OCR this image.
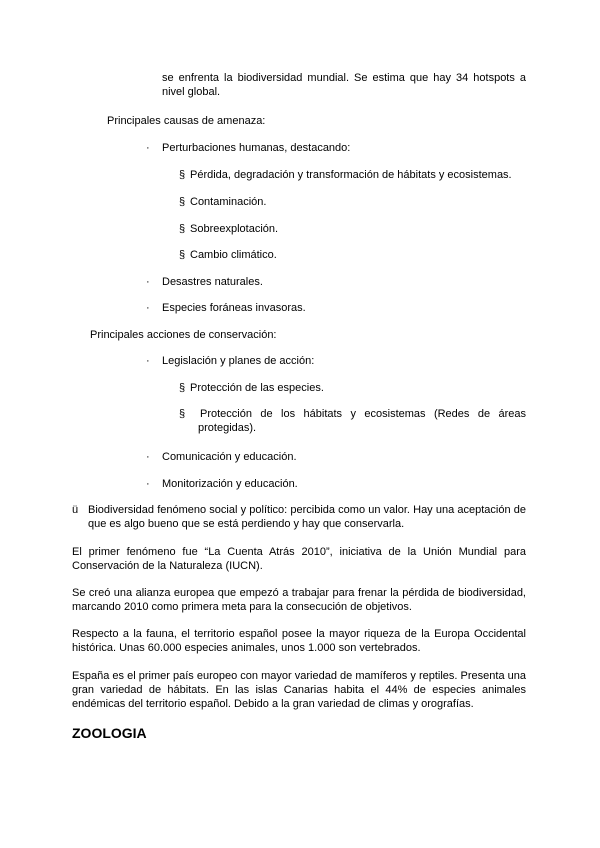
se enfrenta la biodiversidad mundial. Se estima que hay 34 hotspots a nivel global.
Principales causas de amenaza:
· Perturbaciones humanas, destacando:
§ Pérdida, degradación y transformación de hábitats y ecosistemas.
§ Contaminación.
§ Sobreexplotación.
§ Cambio climático.
· Desastres naturales.
· Especies foráneas invasoras.
Principales acciones de conservación:
· Legislación y planes de acción:
§ Protección de las especies.
§ Protección de los hábitats y ecosistemas (Redes de áreas protegidas).
· Comunicación y educación.
· Monitorización y educación.
ü Biodiversidad fenómeno social y político: percibida como un valor. Hay una aceptación de que es algo bueno que se está perdiendo y hay que conservarla.
El primer fenómeno fue “La Cuenta Atrás 2010”, iniciativa de la Unión Mundial para Conservación de la Naturaleza (IUCN).
Se creó una alianza europea que empezó a trabajar para frenar la pérdida de biodiversidad, marcando 2010 como primera meta para la consecución de objetivos.
Respecto a la fauna, el territorio español posee la mayor riqueza de la Europa Occidental histórica. Unas 60.000 especies animales, unos 1.000 son vertebrados.
España es el primer país europeo con mayor variedad de mamíferos y reptiles. Presenta una gran variedad de hábitats. En las islas Canarias habita el 44% de especies animales endémicas del territorio español. Debido a la gran variedad de climas y orografías.
ZOOLOGIA
